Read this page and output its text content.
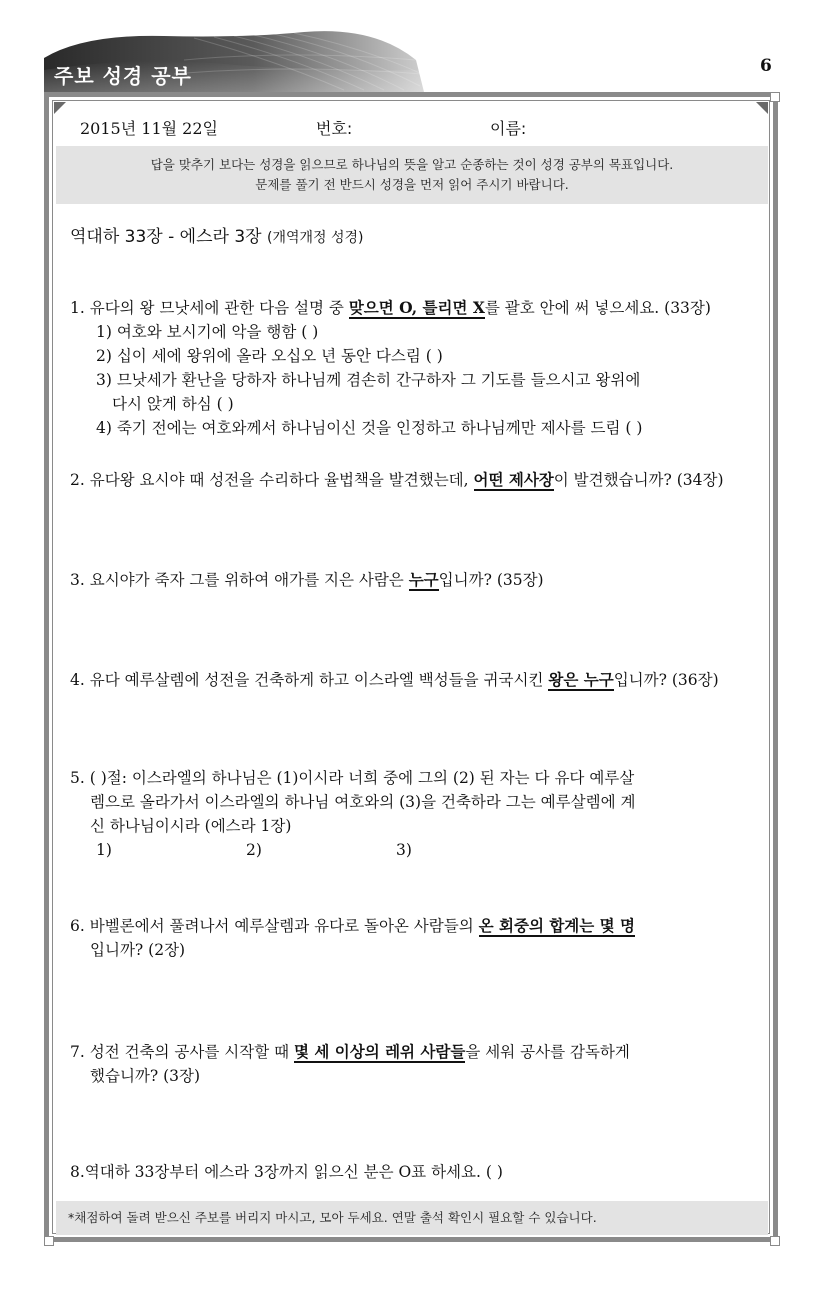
주보 성경 공부	6
2015년 11월 22일	번호:	이름:
답을 맞추기 보다는 성경을 읽으므로 하나님의 뜻을 알고 순종하는 것이 성경 공부의 목표입니다.
문제를 풀기 전 반드시 성경을 먼저 읽어 주시기 바랍니다.
역대하 33장 - 에스라 3장 (개역개정 성경)
1. 유다의 왕 므낫세에 관한 다음 설명 중 맞으면 O, 틀리면 X를 괄호 안에 써 넣으세요. (33장)
1) 여호와 보시기에 악을 행함 ( )
2) 십이 세에 왕위에 올라 오십오 년 동안 다스림 ( )
3) 므낫세가 환난을 당하자 하나님께 겸손히 간구하자 그 기도를 들으시고 왕위에
다시 앉게 하심 ( )
4) 죽기 전에는 여호와께서 하나님이신 것을 인정하고 하나님께만 제사를 드림 ( )
2. 유다왕 요시야 때 성전을 수리하다 율법책을 발견했는데, 어떤 제사장이 발견했습니까? (34장)
3. 요시야가 죽자 그를 위하여 애가를 지은 사람은 누구입니까? (35장)
4. 유다 예루살렘에 성전을 건축하게 하고 이스라엘 백성들을 귀국시킨 왕은 누구입니까? (36장)
5. ( )절: 이스라엘의 하나님은 (1)이시라 너희 중에 그의 (2) 된 자는 다 유다 예루살
렘으로 올라가서 이스라엘의 하나님 여호와의 (3)을 건축하라 그는 예루살렘에 계
신 하나님이시라 (에스라 1장)
1)	2)	3)
6. 바벨론에서 풀려나서 예루살렘과 유다로 돌아온 사람들의 온 회중의 합계는 몇 명
입니까? (2장)
7. 성전 건축의 공사를 시작할 때 몇 세 이상의 레위 사람들을 세워 공사를 감독하게
했습니까? (3장)
8.역대하 33장부터 에스라 3장까지 읽으신 분은 O표 하세요. ( )
*채점하여 돌려 받으신 주보를 버리지 마시고, 모아 두세요. 연말 출석 확인시 필요할 수 있습니다.
